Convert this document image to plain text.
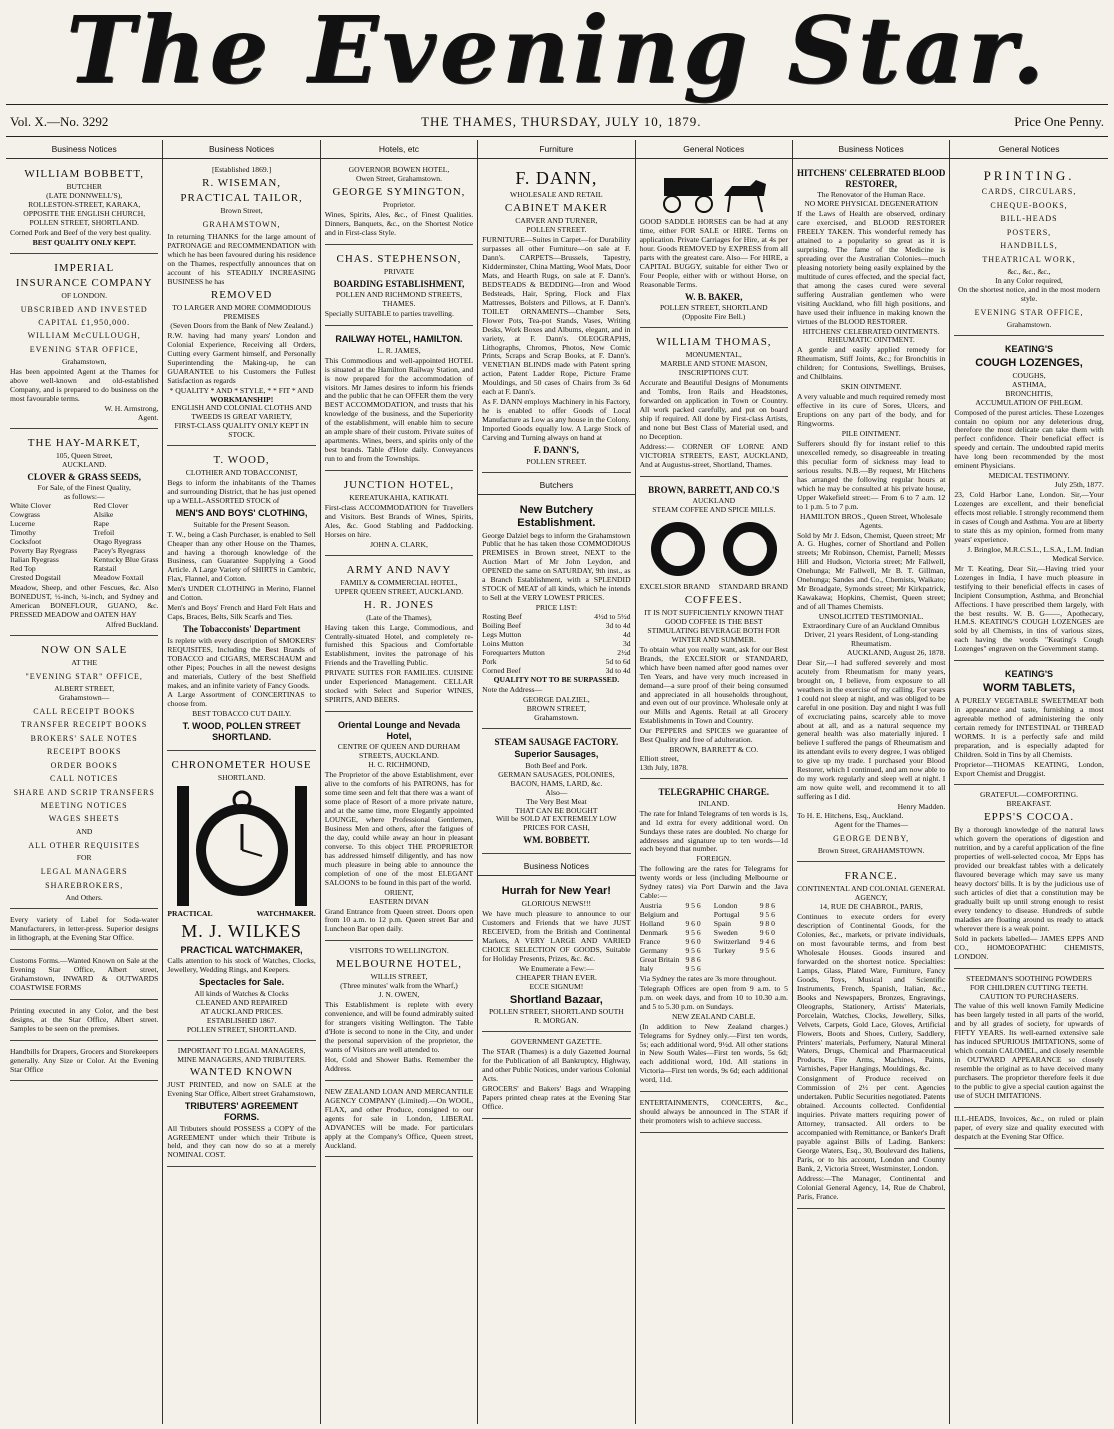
The Evening Star.
Vol. X.—No. 3292	THE THAMES, THURSDAY, JULY 10, 1879.	Price One Penny.
Business Notices
WILLIAM BOBBETT,
BUTCHER
(LATE DONNWELL'S),
ROLLESTON-STREET, KARAKA,
OPPOSITE THE ENGLISH CHURCH,
POLLEN STREET, SHORTLAND.

Corned Pork and Beef of the very best quality.

BEST QUALITY ONLY KEPT.
IMPERIAL
INSURANCE COMPANY
OF LONDON.
UBSCRIBED AND INVESTED
CAPITAL £1,950,000.
WILLIAM McCULLOUGH,
EVENING STAR OFFICE,
Grahamstown,

Has been appointed Agent at the Thames for above well-known and old-established Company, and is prepared to do business on the most favourable terms.

W. H. Armstrong,
Agent.
THE HAY-MARKET,
105, Queen Street,
AUCKLAND.
CLOVER & GRASS SEEDS,
For Sale, of the Finest Quality,
as follows:—
White Clover
Cowgrass
Lucerne
Timothy
Cocksfoot
Poverty Bay Ryegrass
Italian Ryegrass
Red Top
Crested Dogstail
Red Clover
Alsike
Rape
Trefoil
Otago Ryegrass
Pacey's Ryegrass
Kentucky Blue Grass
Ratstail
Meadow Foxtail

Meadow, Sheep, and other Fescues, &c. Also BONEDUST, ½-inch, ¼-inch, and Sydney and American BONEFLOUR, GUANO, &c. PRESSED MEADOW and OATEN HAY

Alfred Buckland.
NOW ON SALE
AT THE
"EVENING STAR" OFFICE,
ALBERT STREET,
Grahamstown—
CALL RECEIPT BOOKS
TRANSFER RECEIPT BOOKS
BROKERS' SALE NOTES
RECEIPT BOOKS
ORDER BOOKS
CALL NOTICES
SHARE AND SCRIP TRANSFERS
MEETING NOTICES
WAGES SHEETS
AND
ALL OTHER REQUISITES
FOR
LEGAL MANAGERS
SHAREBROKERS,
And Others.

Every variety of Label for Soda-water Manufacturers, in letter-press. Superior designs in lithograph, at the Evening Star Office.

Customs Forms.—Wanted Known on Sale at the Evening Star Office, Albert street, Grahamstown, INWARD & OUTWARDS COASTWISE FORMS

Printing executed in any Color, and the best designs, at the Star Office, Albert street. Samples to be seen on the premises.

Handbills for Drapers, Grocers and Storekeepers generally. Any Size or Color. At the Evening Star Office

Business Notices
[Established 1869.]
R. WISEMAN,
PRACTICAL TAILOR,
Brown Street,
GRAHAMSTOWN,

In returning THANKS for the large amount of PATRONAGE and RECOMMENDATION with which he has been favoured during his residence on the Thames, respectfully announces that on account of his STEADILY INCREASING BUSINESS he has

REMOVED
TO LARGER AND MORE COMMODIOUS PREMISES
(Seven Doors from the Bank of New Zealand.)

R.W. having had many years' London and Colonial Experience, Receiving all Orders, Cutting every Garment himself, and Personally Superintending the Making-up, he can GUARANTEE to his Customers the Fullest Satisfaction as regards

* QUALITY * AND * STYLE, * * FIT * AND
WORKMANSHIP!
ENGLISH AND COLONIAL CLOTHS AND TWEEDS IS GREAT VARIETY,
FIRST-CLASS QUALITY ONLY KEPT IN STOCK.
T. WOOD,
CLOTHIER AND TOBACCONIST,

Begs to inform the inhabitants of the Thames and surrounding District, that he has just opened up a WELL-ASSORTED STOCK of

MEN'S AND BOYS' CLOTHING,
Suitable for the Present Season.

T. W., being a Cash Purchaser, is enabled to Sell Cheaper than any other House on the Thames, and having a thorough knowledge of the Business, can Guarantee Supplying a Good Article. A Large Variety of SHIRTS in Cambric, Flax, Flannel, and Cotton.

Men's UNDER CLOTHING in Merino, Flannel and Cotton.

Men's and Boys' French and Hard Felt Hats and Caps, Braces, Belts, Silk Scarfs and Ties.

The Tobacconists' Department

Is replete with every description of SMOKERS' REQUISITES, Including the Best Brands of TOBACCO and CIGARS, MERSCHAUM and other Pipes; Pouches in all the newest designs and materials, Cutlery of the best Sheffield makes, and an infinite variety of Fancy Goods.

A Large Assortment of CONCERTINAS to choose from.

BEST TOBACCO CUT DAILY.
T. WOOD, POLLEN STREET SHORTLAND.
CHRONOMETER HOUSE
SHORTLAND.
PRACTICAL	WATCHMAKER.
M. J. WILKES
PRACTICAL WATCHMAKER,

Calls attention to his stock of Watches, Clocks, Jewellery, Wedding Rings, and Keepers.

Spectacles for Sale.
All kinds of Watches & Clocks
CLEANED AND REPAIRED
AT AUCKLAND PRICES.
ESTABLISHED 1867.
POLLEN STREET, SHORTLAND.
IMPORTANT TO LEGAL MANAGERS, MINE MANAGERS, AND TRIBUTERS.
WANTED KNOWN

JUST PRINTED, and now on SALE at the Evening Star Office, Albert street Grahamstown,

TRIBUTERS' AGREEMENT FORMS.

All Tributers should POSSESS a COPY of the AGREEMENT under which their Tribute is held, and they can now do so at a merely NOMINAL COST.

Hotels, etc
GOVERNOR BOWEN HOTEL,
Owen Street, Grahamstown.
GEORGE SYMINGTON,
Proprietor.

Wines, Spirits, Ales, &c., of Finest Qualities. Dinners, Banquets, &c., on the Shortest Notice and in First-class Style.

CHAS. STEPHENSON,
PRIVATE
BOARDING ESTABLISHMENT,
POLLEN AND RICHMOND STREETS,
THAMES.

Specially SUITABLE to parties travelling.

RAILWAY HOTEL, HAMILTON.
L. R. JAMES,

This Commodious and well-appointed HOTEL is situated at the Hamilton Railway Station, and is now prepared for the accommodation of visitors. Mr James desires to inform his friends and the public that he can OFFER them the very BEST ACCOMMODATION, and trusts that his knowledge of the business, and the Superiority of the establishment, will enable him to secure an ample share of their custom. Private suites of apartments. Wines, beers, and spirits only of the best brands. Table d'Hote daily. Conveyances run to and from the Townships.

JUNCTION HOTEL,
KEREATUKAHIA, KATIKATI.

First-class ACCOMMODATION for Travellers and Visitors. Best Brands of Wines, Spirits, Ales, &c. Good Stabling and Paddocking. Horses on hire.

JOHN A. CLARK,
ARMY AND NAVY
FAMILY & COMMERCIAL HOTEL,
UPPER QUEEN STREET, AUCKLAND.
H. R. JONES
(Late of the Thames),

Having taken this Large, Commodious, and Centrally-situated Hotel, and completely re-furnished this Spacious and Comfortable Establishment, invites the patronage of his Friends and the Travelling Public.

PRIVATE SUITES FOR FAMILIES. CUISINE under Experienced Management. CELLAR stocked with Select and Superior WINES, SPIRITS, AND BEERS.

Oriental Lounge and Nevada Hotel,
CENTRE OF QUEEN AND DURHAM STREETS, AUCKLAND.
H. C. RICHMOND,

The Proprietor of the above Establishment, ever alive to the comforts of his PATRONS, has for some time seen and felt that there was a want of some place of Resort of a more private nature, and at the same time, more Elegantly appointed LOUNGE, where Professional Gentlemen, Business Men and others, after the fatigues of the day, could while away an hour in pleasant converse. To this object THE PROPRIETOR has addressed himself diligently, and has now much pleasure in being able to announce the completion of one of the most ELEGANT SALOONS to be found in this part of the world.

ORIENT,
EASTERN DIVAN

Grand Entrance from Queen street. Doors open from 10 a.m. to 12 p.m. Queen street Bar and Luncheon Bar open daily.

VISITORS TO WELLINGTON.
MELBOURNE HOTEL,
WILLIS STREET,
(Three minutes' walk from the Wharf,)
J. N. OWEN,

This Establishment is replete with every convenience, and will be found admirably suited for strangers visiting Wellington. The Table d'Hote is second to none in the City, and under the personal supervision of the proprietor, the wants of Visitors are well attended to.

Hot, Cold and Shower Baths. Remember the Address.

NEW ZEALAND LOAN AND MERCANTILE AGENCY COMPANY (Limited).—On WOOL, FLAX, and other Produce, consigned to our agents for sale in London, LIBERAL ADVANCES will be made. For particulars apply at the Company's Office, Queen street, Auckland.

Furniture
F. DANN,
WHOLESALE AND RETAIL
CABINET MAKER
CARVER AND TURNER,
POLLEN STREET.

FURNITURE—Suites in Carpet—for Durability surpasses all other Furniture—on sale at F. Dann's. CARPETS—Brussels, Tapestry, Kidderminster, China Matting, Wool Mats, Door Mats, and Hearth Rugs, on sale at F. Dann's. BEDSTEADS & BEDDING—Iron and Wood Bedsteads, Hair, Spring, Flock and Flax Mattresses, Bolsters and Pillows, at F. Dann's. TOILET ORNAMENTS—Chamber Sets, Flower Pots, Tea-pot Stands, Vases, Writing Desks, Work Boxes and Albums, elegant, and in variety, at F. Dann's. OLEOGRAPHS, Lithographs, Chromos, Photos, New Comic Prints, Scraps and Scrap Books, at F. Dann's. VENETIAN BLINDS made with Patent spring action, Patent Ladder Rope, Picture Frame Mouldings, and 50 cases of Chairs from 3s 6d each at F. Dann's.

As F. DANN employs Machinery in his Factory, he is enabled to offer Goods of Local Manufacture as Low as any house in the Colony. Imported Goods equally low. A Large Stock of Carving and Turning always on hand at

F. DANN'S,
POLLEN STREET.
Butchers
New Butchery Establishment.

George Dalziel begs to inform the Grahamstown Public that he has taken those COMMODIOUS PREMISES in Brown street, NEXT to the Auction Mart of Mr John Leydon, and OPENED the same on SATURDAY, 9th inst., as a Branch Establishment, with a SPLENDID STOCK of MEAT of all kinds, which he intends to Sell at the VERY LOWEST PRICES.

PRICE LIST:
Rosting Beef	4½d to 5½d
Boiling Beef	3d to 4d
Legs Mutton	4d
Loins Mutton	3d
Forequarters Mutton	2½d
Pork	5d to 6d
Corned Beef	3d to 4d
QUALITY NOT TO BE SURPASSED.

Note the Address—

GEORGE DALZIEL,
BROWN STREET,
Grahamstown.
STEAM SAUSAGE FACTORY.
Superior Sausages,
Both Beef and Pork.
GERMAN SAUSAGES, POLONIES,
BACON, HAMS, LARD, &c.
Also—
The Very Best Meat
THAT CAN BE BOUGHT
Will be SOLD AT EXTREMELY LOW
PRICES FOR CASH,
WM. BOBBETT.
Business Notices
Hurrah for New Year!
GLORIOUS NEWS!!!

We have much pleasure to announce to our Customers and Friends that we have JUST RECEIVED, from the British and Continental Markets, A VERY LARGE AND VARIED CHOICE SELECTION OF GOODS, Suitable for Holiday Presents, Prizes, &c. &c.

We Enumerate a Few:—
CHEAPER THAN EVER.
ECCE SIGNUM!
Shortland Bazaar,
POLLEN STREET, SHORTLAND SOUTH
R. MORGAN.
GOVERNMENT GAZETTE.

The STAR (Thames) is a duly Gazetted Journal for the Publication of all Bankruptcy, Highway, and other Public Notices, under various Colonial Acts.

GROCERS' and Bakers' Bags and Wrapping Papers printed cheap rates at the Evening Star Office.

General Notices

GOOD SADDLE HORSES can be had at any time, either FOR SALE or HIRE. Terms on application. Private Carriages for Hire, at 4s per hour. Goods REMOVED by EXPRESS from all parts with the greatest care. Also— For HIRE, a CAPITAL BUGGY, suitable for either Two or Four People, either with or without Horse, on Reasonable Terms.

W. B. BAKER,
POLLEN STREET, SHORTLAND
(Opposite Fire Bell.)
WILLIAM THOMAS,
MONUMENTAL,
MARBLE AND STONE MASON,
INSCRIPTIONS CUT.

Accurate and Beautiful Designs of Monuments and Tombs, Iron Rails and Headstones, forwarded on application in Town or Country. All work packed carefully, and put on board ship if required. All done by First-class Artists, and none but Best Class of Material used, and no Deception.

Address:— CORNER OF LORNE AND VICTORIA STREETS, EAST, AUCKLAND, And at Augustus-street, Shortland, Thames.

BROWN, BARRETT, AND CO.'S
AUCKLAND
STEAM COFFEE AND SPICE MILLS.
EXCELSIOR BRAND STANDARD BRAND
COFFEES.
IT IS NOT SUFFICIENTLY KNOWN THAT GOOD COFFEE IS THE BEST STIMULATING BEVERAGE BOTH FOR WINTER AND SUMMER.

To obtain what you really want, ask for our Best Brands, the EXCELSIOR or STANDARD, which have been named after good names over Ten Years, and have very much increased in demand—a sure proof of their being consumed and appreciated in all households throughout, and even out of our province. Wholesale only at our Mills and Agents. Retail at all Grocery Establishments in Town and Country.

Our PEPPERS and SPICES we guarantee of Best Quality and free of adulteration.

BROWN, BARRETT & CO.
Elliott street,
13th July, 1878.
TELEGRAPHIC CHARGE.
INLAND.

The rate for Inland Telegrams of ten words is 1s, and 1d extra for every additional word. On Sundays these rates are doubled. No charge for addresses and signature up to ten words—1d each beyond that number.

FOREIGN.

The following are the rates for Telegrams for twenty words or less (including Melbourne or Sydney rates) via Port Darwin and the Java Cable:—

Austria	9 5 6	London	9 8 6
Belgium and	Portugal	9 5 6
Holland	9 6 0	Spain	9 8 0
Denmark	9 5 6	Sweden	9 6 0
France	9 6 0	Switzerland	9 4 6
Germany	9 5 6	Turkey	9 5 6
Great Britain 9 8 6
Italy	9 5 6

Via Sydney the rates are 3s more throughout.

Telegraph Offices are open from 9 a.m. to 5 p.m. on week days, and from 10 to 10.30 a.m. and 5 to 5.30 p.m. on Sundays.

NEW ZEALAND CABLE.

(In addition to New Zealand charges.) Telegrams for Sydney only.—First ten words, 5s; each additional word, 9½d. All other stations in New South Wales—First ten words, 5s 6d; each additional word, 10d. All stations in Victoria—First ten words, 9s 6d; each additional word, 11d.

ENTERTAINMENTS, CONCERTS, &c., should always be announced in The STAR if their promoters wish to achieve success.

Business Notices
HITCHENS' CELEBRATED BLOOD RESTORER,
The Renovator of the Human Race.
NO MORE PHYSICAL DEGENERATION

If the Laws of Health are observed, ordinary care exercised, and BLOOD RESTORER FREELY TAKEN. This wonderful remedy has attained to a popularity so great as it is surprising. The fame of the Medicine is spreading over the Australian Colonies—much pleasing notoriety being easily explained by the multitude of cures effected, and the special fact, that among the cases cured were several suffering Australian gentlemen who were visiting Auckland, who fill high positions, and have used their influence in making known the virtues of the BLOOD RESTORER.

HITCHENS' CELEBRATED OINTMENTS.
RHEUMATIC OINTMENT.

A gentle and easily applied remedy for Rheumatism, Stiff Joints, &c.; for Bronchitis in children; for Contusions, Swellings, Bruises, and Chilblains.

SKIN OINTMENT.

A very valuable and much required remedy most effective in its cure of Sores, Ulcers, and Eruptions on any part of the body, and for Ringworms.

PILE OINTMENT.

Sufferers should fly for instant relief to this unexcelled remedy, so disagreeable in treating this peculiar form of sickness may lead to serious results. N.B.—By request, Mr Hitchens has arranged the following regular hours at which he may be consulted at his private house, Upper Wakefield street:— From 6 to 7 a.m. 12 to 1 p.m. 5 to 7 p.m.

HAMILTON BROS., Queen Street, Wholesale Agents.

Sold by Mr J. Edson, Chemist, Queen street; Mr A. G. Hughes, corner of Shortland and Pollen streets; Mr Robinson, Chemist, Parnell; Messrs Hill and Hudson, Victoria street; Mr Fallwell, Onehunga; Mr Fallwell, Mr B. T. Gillman, Onehunga; Sandes and Co., Chemists, Waikato; Mr Broadgate, Symonds street; Mr Kirkpatrick, Kawakawa; Hopkins, Chemist, Queen street; and of all Thames Chemists.

UNSOLICITED TESTIMONIAL.
Extraordinary Cure of an Auckland Omnibus Driver, 21 years Resident, of Long-standing Rheumatism.
AUCKLAND, August 26, 1878.

Dear Sir,—I had suffered severely and most acutely from Rheumatism for many years, brought on, I believe, from exposure to all weathers in the exercise of my calling. For years I could not sleep at night, and was obliged to be careful in one position. Day and night I was full of excruciating pains, scarcely able to move about at all, and as a natural sequence my general health was also materially injured. I believe I suffered the pangs of Rheumatism and its attendant evils to every degree, I was obliged to give up my trade. I purchased your Blood Restorer, which I continued, and am now able to do my work regularly and sleep well at night. I am now quite well, and recommend it to all suffering as I did.

Henry Madden.
To H. E. Hitchens, Esq., Auckland.
Agent for the Thames—
GEORGE DENBY,
Brown Street, GRAHAMSTOWN.
FRANCE.
CONTINENTAL AND COLONIAL GENERAL AGENCY,
14, RUE DE CHABROL, PARIS,

Continues to execute orders for every description of Continental Goods, for the Colonies, &c., markets, or private individuals, on most favourable terms, and from best Wholesale Houses. Goods insured and forwarded on the shortest notice. Specialties: Lamps, Glass, Plated Ware, Furniture, Fancy Goods, Toys, Musical and Scientific Instruments, French, Spanish, Italian, &c., Books and Newspapers, Bronzes, Engravings, Oleographs, Stationery, Artists' Materials, Porcelain, Watches, Clocks, Jewellery, Silks, Velvets, Carpets, Gold Lace, Gloves, Artificial Flowers, Boots and Shoes, Cutlery, Saddlery, Printers' materials, Perfumery, Natural Mineral Waters, Drugs, Chemical and Pharmaceutical Products, Fire Arms, Machines, Paints, Varnishes, Paper Hangings, Mouldings, &c.

Consignment of Produce received on Commission of 2½ per cent. Agencies undertaken. Public Securities negotiated. Patents obtained. Accounts collected. Confidential inquiries. Private matters requiring power of Attorney, transacted. All orders to be accompanied with Remittance, or Banker's Draft payable against Bills of Lading. Bankers: George Waters, Esq., 30, Boulevard des Italiens, Paris, or to his account, London and County Bank, 2, Victoria Street, Westminster, London.

Address:—The Manager, Continental and Colonial General Agency, 14, Rue de Chabrol, Paris, France.

General Notices
PRINTING.
CARDS, CIRCULARS,
CHEQUE-BOOKS,
BILL-HEADS
POSTERS,
HANDBILLS,
THEATRICAL WORK,
&c., &c., &c.,
In any Color required,
On the shortest notice, and in the most modern style.
EVENING STAR OFFICE,
Grahamstown.
KEATING'S
COUGH LOZENGES,
COUGHS,
ASTHMA,
BRONCHITIS,
ACCUMULATION OF PHLEGM.

Composed of the purest articles. These Lozenges contain no opium nor any deleterious drug, therefore the most delicate can take them with perfect confidence. Their beneficial effect is speedy and certain. The undoubted rapid merits have long been recommended by the most eminent Physicians.

MEDICAL TESTIMONY.
July 25th, 1877.

23, Cold Harbor Lane, London. Sir,—Your Lozenges are excellent, and their beneficial effects most reliable. I strongly recommend them in cases of Cough and Asthma. You are at liberty to state this as my opinion, formed from many years' experience.

J. Bringloe, M.R.C.S.L., L.S.A., L.M. Indian Medical Service.

Mr T. Keating, Dear Sir,—Having tried your Lozenges in India, I have much pleasure in testifying to their beneficial effects in cases of Incipient Consumption, Asthma, and Bronchial Affections. I have prescribed them largely, with the best results. W. B. G——, Apothecary, H.M.S. KEATING'S COUGH LOZENGES are sold by all Chemists, in tins of various sizes, each having the words "Keating's Cough Lozenges" engraven on the Government stamp.

KEATING'S
WORM TABLETS,

A PURELY VEGETABLE SWEETMEAT both in appearance and taste, furnishing a most agreeable method of administering the only certain remedy for INTESTINAL or THREAD WORMS. It is a perfectly safe and mild preparation, and is especially adapted for Children. Sold in Tins by all Chemists.

Proprietor—THOMAS KEATING, London, Export Chemist and Druggist.

GRATEFUL—COMFORTING.
BREAKFAST.
EPPS'S COCOA.

By a thorough knowledge of the natural laws which govern the operations of digestion and nutrition, and by a careful application of the fine properties of well-selected cocoa, Mr Epps has provided our breakfast tables with a delicately flavoured beverage which may save us many heavy doctors' bills. It is by the judicious use of such articles of diet that a constitution may be gradually built up until strong enough to resist every tendency to disease. Hundreds of subtle maladies are floating around us ready to attack wherever there is a weak point.

Sold in packets labelled— JAMES EPPS AND CO., HOMOEOPATHIC CHEMISTS, LONDON.

STEEDMAN'S SOOTHING POWDERS
FOR CHILDREN CUTTING TEETH.
CAUTION TO PURCHASERS.

The value of this well known Family Medicine has been largely tested in all parts of the world, and by all grades of society, for upwards of FIFTY YEARS. Its well-earned extensive sale has induced SPURIOUS IMITATIONS, some of which contain CALOMEL, and closely resemble in OUTWARD APPEARANCE so closely resemble the original as to have deceived many purchasers. The proprietor therefore feels it due to the public to give a special caution against the use of SUCH IMITATIONS.

ILL-HEADS, Invoices, &c., on ruled or plain paper, of every size and quality executed with despatch at the Evening Star Office.
